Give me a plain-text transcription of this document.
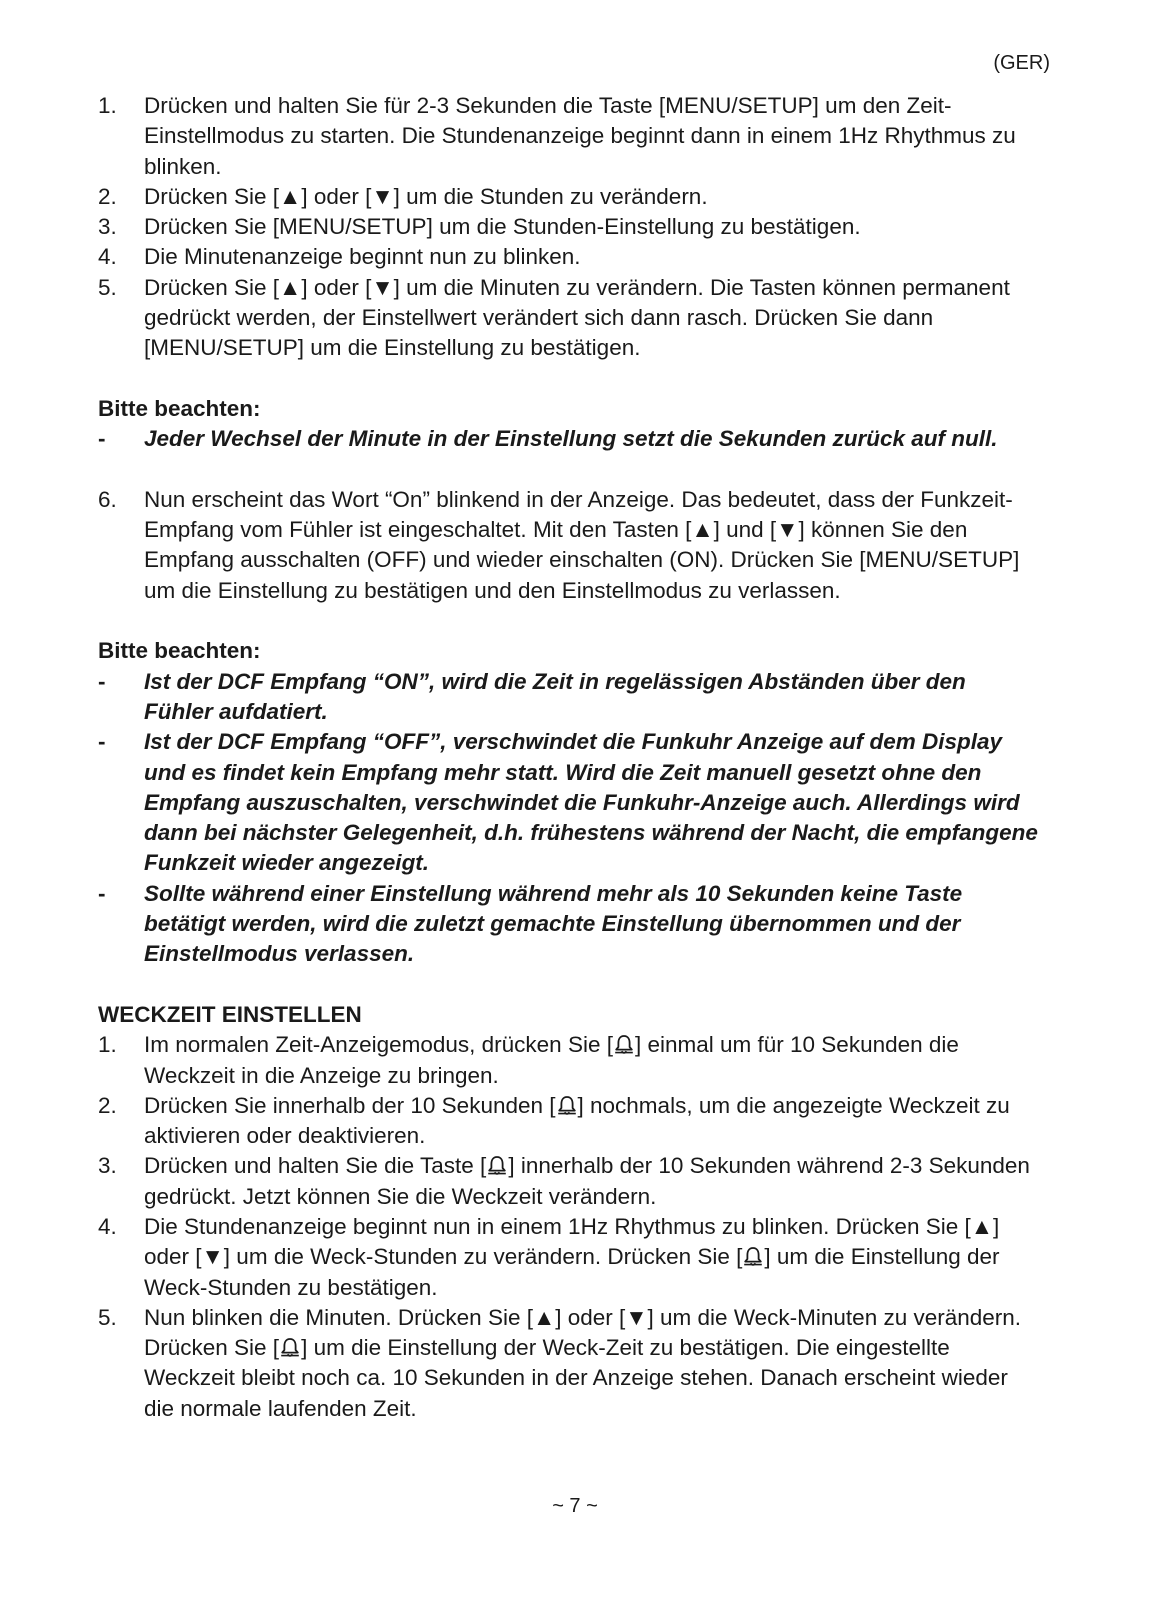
(GER)
1.	Drücken und halten Sie für 2-3 Sekunden die Taste [MENU/SETUP] um den Zeit-Einstellmodus zu starten. Die Stundenanzeige beginnt dann in einem 1Hz Rhythmus zu blinken.
2.	Drücken Sie [▲] oder [▼] um die Stunden zu verändern.
3.	Drücken Sie [MENU/SETUP] um die Stunden-Einstellung zu bestätigen.
4.	Die Minutenanzeige beginnt nun zu blinken.
5.	Drücken Sie [▲] oder [▼] um die Minuten zu verändern. Die Tasten können permanent gedrückt werden, der Einstellwert verändert sich dann rasch. Drücken Sie dann [MENU/SETUP] um die Einstellung zu bestätigen.
Bitte beachten:
-	Jeder Wechsel der Minute in der Einstellung setzt die Sekunden zurück auf null.
6.	Nun erscheint das Wort “On” blinkend in der Anzeige. Das bedeutet, dass der Funkzeit-Empfang vom Fühler ist eingeschaltet. Mit den Tasten [▲] und [▼] können Sie den Empfang ausschalten (OFF) und wieder einschalten (ON). Drücken Sie [MENU/SETUP] um die Einstellung zu bestätigen und den Einstellmodus zu verlassen.
Bitte beachten:
-	Ist der DCF Empfang “ON”, wird die Zeit in regelässigen Abständen über den Fühler aufdatiert.
-	Ist der DCF Empfang “OFF”, verschwindet die Funkuhr Anzeige auf dem Display und es findet kein Empfang mehr statt. Wird die Zeit manuell gesetzt ohne den Empfang auszuschalten, verschwindet die Funkuhr-Anzeige auch. Allerdings wird dann bei nächster Gelegenheit, d.h. frühestens während der Nacht, die empfangene Funkzeit wieder angezeigt.
-	Sollte während einer Einstellung während mehr als 10 Sekunden keine Taste betätigt werden, wird die zuletzt gemachte Einstellung übernommen und der Einstellmodus verlassen.
WECKZEIT EINSTELLEN
1.	Im normalen Zeit-Anzeigemodus, drücken Sie [ ] einmal um für 10 Sekunden die Weckzeit in die Anzeige zu bringen.
2.	Drücken Sie innerhalb der 10 Sekunden [ ] nochmals, um die angezeigte Weckzeit zu aktivieren oder deaktivieren.
3.	Drücken und halten Sie die Taste [ ] innerhalb der 10 Sekunden während 2-3 Sekunden gedrückt. Jetzt können Sie die Weckzeit verändern.
4.	Die Stundenanzeige beginnt nun in einem 1Hz Rhythmus zu blinken. Drücken Sie [▲] oder [▼] um die Weck-Stunden zu verändern. Drücken Sie [ ] um die Einstellung der Weck-Stunden zu bestätigen.
5.	Nun blinken die Minuten. Drücken Sie [▲] oder [▼] um die Weck-Minuten zu verändern. Drücken Sie [ ] um die Einstellung der Weck-Zeit zu bestätigen. Die eingestellte Weckzeit bleibt noch ca. 10 Sekunden in der Anzeige stehen. Danach erscheint wieder die normale laufenden Zeit.
~ 7 ~
